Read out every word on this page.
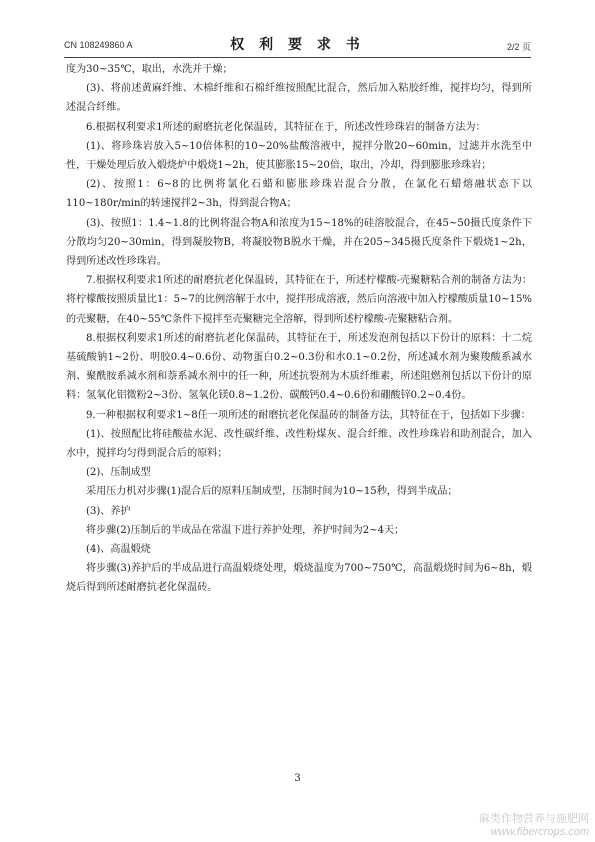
CN 108249860 A	权 利 要 求 书	2/2 页

度为30~35℃，取出，水洗并干燥；

(3)、将前述黄麻纤维、木棉纤维和石棉纤维按照配比混合，然后加入粘胶纤维，搅拌均匀，得到所述混合纤维。

6.根据权利要求1所述的耐磨抗老化保温砖，其特征在于，所述改性珍珠岩的制备方法为：

(1)、将珍珠岩放入5~10倍体积的10~20%盐酸溶液中，搅拌分散20~60min，过滤并水洗至中性，干燥处理后放入煅烧炉中煅烧1~2h，使其膨胀15~20倍，取出，冷却，得到膨胀珍珠岩；

(2)、按照1：6~8的比例将氯化石蜡和膨胀珍珠岩混合分散，在氯化石蜡熔融状态下以110~180r/min的转速搅拌2~3h，得到混合物A；

(3)、按照1：1.4~1.8的比例将混合物A和浓度为15~18%的硅溶胶混合，在45~50摄氏度条件下分散均匀20~30min，得到凝胶物B，将凝胶物B脱水干燥，并在205~345摄氏度条件下煅烧1~2h，得到所述改性珍珠岩。

7.根据权利要求1所述的耐磨抗老化保温砖，其特征在于，所述柠檬酸-壳聚糖粘合剂的制备方法为：将柠檬酸按照质量比1：5~7的比例溶解于水中，搅拌形成溶液，然后向溶液中加入柠檬酸质量10~15%的壳聚糖，在40~55℃条件下搅拌至壳聚糖完全溶解，得到所述柠檬酸-壳聚糖粘合剂。

8.根据权利要求1所述的耐磨抗老化保温砖，其特征在于，所述发泡剂包括以下份计的原料：十二烷基硫酸钠1~2份、明胶0.4~0.6份、动物蛋白0.2~0.3份和水0.1~0.2份，所述减水剂为聚羧酸系减水剂、聚酰胺系减水剂和萘系减水剂中的任一种，所述抗裂剂为木质纤维素，所述阻燃剂包括以下份计的原料：氢氧化铝微粉2~3份、氢氧化镁0.8~1.2份、碳酸钙0.4~0.6份和硼酸锌0.2~0.4份。

9.一种根据权利要求1~8任一项所述的耐磨抗老化保温砖的制备方法，其特征在于，包括如下步骤：

(1)、按照配比将硅酸盐水泥、改性碳纤维、改性粉煤灰、混合纤维、改性珍珠岩和助剂混合，加入水中，搅拌均匀得到混合后的原料；

(2)、压制成型

采用压力机对步骤(1)混合后的原料压制成型，压制时间为10~15秒，得到半成品；

(3)、养护

将步骤(2)压制后的半成品在常温下进行养护处理，养护时间为2~4天；

(4)、高温煅烧

将步骤(3)养护后的半成品进行高温煅烧处理，煅烧温度为700~750℃，高温煅烧时间为6~8h，煅烧后得到所述耐磨抗老化保温砖。

3
麻类作物营养与施肥网
www.fibercrops.com
